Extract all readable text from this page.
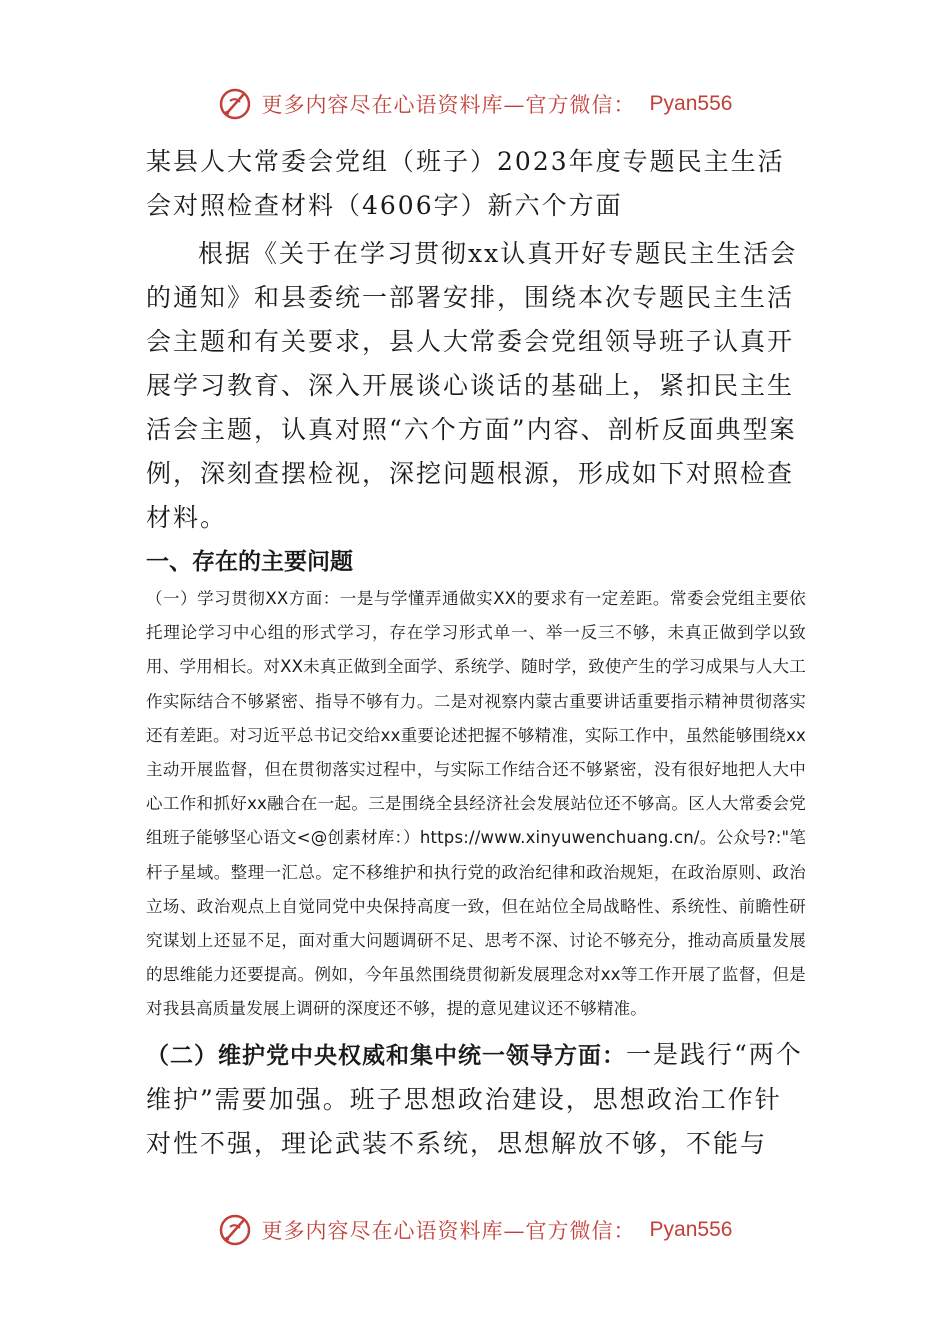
更多内容尽在心语资料库—官方微信： Pyan556

某县人大常委会党组（班子）2023年度专题民主生活会对照检查材料（4606字）新六个方面

根据《关于在学习贯彻xx认真开好专题民主生活会的通知》和县委统一部署安排，围绕本次专题民主生活会主题和有关要求，县人大常委会党组领导班子认真开展学习教育、深入开展谈心谈话的基础上，紧扣民主生活会主题，认真对照“六个方面”内容、剖析反面典型案例，深刻查摆检视，深挖问题根源，形成如下对照检查材料。

一、存在的主要问题

（一）学习贯彻XX方面：一是与学懂弄通做实XX的要求有一定差距。常委会党组主要依托理论学习中心组的形式学习，存在学习形式单一、举一反三不够，未真正做到学以致用、学用相长。对XX未真正做到全面学、系统学、随时学，致使产生的学习成果与人大工作实际结合不够紧密、指导不够有力。二是对视察内蒙古重要讲话重要指示精神贯彻落实还有差距。对习近平总书记交给xx重要论述把握不够精准，实际工作中，虽然能够围绕xx主动开展监督，但在贯彻落实过程中，与实际工作结合还不够紧密，没有很好地把人大中心工作和抓好xx融合在一起。三是围绕全县经济社会发展站位还不够高。区人大常委会党组班子能够坚心语文<@创素材库：）https://www.xinyuwenchuang.cn/。公众号?:"笔杆子星域。整理一汇总。定不移维护和执行党的政治纪律和政治规矩，在政治原则、政治立场、政治观点上自觉同党中央保持高度一致，但在站位全局战略性、系统性、前瞻性研究谋划上还显不足，面对重大问题调研不足、思考不深、讨论不够充分，推动高质量发展的思维能力还要提高。例如，今年虽然围绕贯彻新发展理念对xx等工作开展了监督，但是对我县高质量发展上调研的深度还不够，提的意见建议还不够精准。

（二）维护党中央权威和集中统一领导方面：一是践行“两个维护”需要加强。班子思想政治建设，思想政治工作针对性不强，理论武装不系统，思想解放不够，不能与

更多内容尽在心语资料库—官方微信： Pyan556
